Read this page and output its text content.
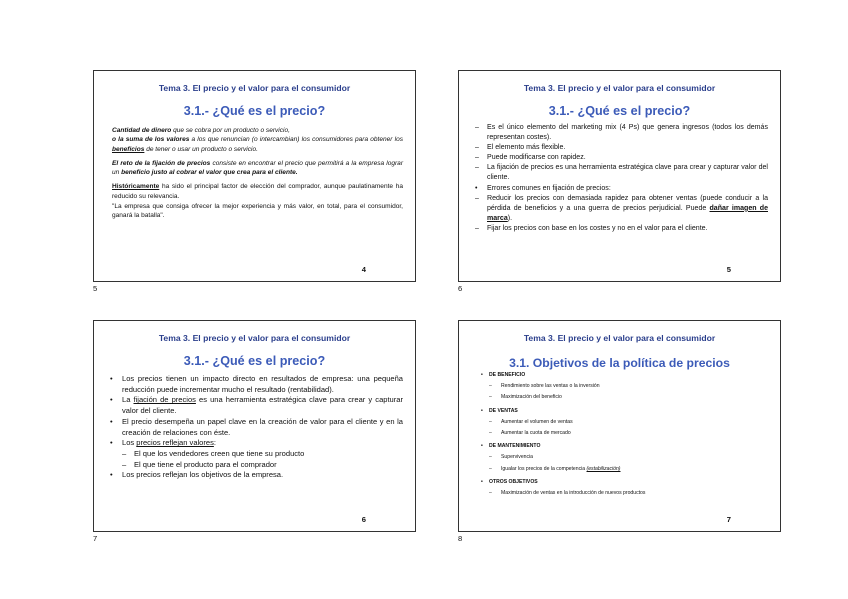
Tema 3. El precio y el valor para el consumidor
3.1.- ¿Qué es el precio?

Cantidad de dinero que se cobra por un producto o servicio,
o la suma de los valores a los que renuncian (o intercambian) los consumidores para obtener los beneficios de tener o usar un producto o servicio.

El reto de la fijación de precios consiste en encontrar el precio que permitirá a la empresa lograr un beneficio justo al cobrar el valor que crea para el cliente.

Históricamente ha sido el principal factor de elección del comprador, aunque paulatinamente ha reducido su relevancia.

"La empresa que consiga ofrecer la mejor experiencia y más valor, en total, para el consumidor, ganará la batalla".

4
Tema 3. El precio y el valor para el consumidor
3.1.- ¿Qué es el precio?
– Es el único elemento del marketing mix (4 Ps) que genera ingresos (todos los demás representan costes).
– El elemento más flexible.
– Puede modificarse con rapidez.
– La fijación de precios es una herramienta estratégica clave para crear y capturar valor del cliente.
• Errores comunes en fijación de precios:
– Reducir los precios con demasiada rapidez para obtener ventas (puede conducir a la pérdida de beneficios y a una guerra de precios perjudicial. Puede dañar imagen de marca).
– Fijar los precios con base en los costes y no en el valor para el cliente.
5
Tema 3. El precio y el valor para el consumidor
3.1.- ¿Qué es el precio?
• Los precios tienen un impacto directo en resultados de empresa: una pequeña reducción puede incrementar mucho el resultado (rentabilidad).
• La fijación de precios es una herramienta estratégica clave para crear y capturar valor del cliente.
• El precio desempeña un papel clave en la creación de valor para el cliente y en la creación de relaciones con éste.
• Los precios reflejan valores:
– El que los vendedores creen que tiene su producto
– El que tiene el producto para el comprador
• Los precios reflejan los objetivos de la empresa.
6
Tema 3. El precio y el valor para el consumidor
3.1. Objetivos de la política de precios
• DE BENEFICIO
– Rendimiento sobre las ventas o la inversión
– Maximización del beneficio
• DE VENTAS
– Aumentar el volumen de ventas
– Aumentar la cuota de mercado
• DE MANTENIMIENTO
– Supervivencia
– Igualar los precios de la competencia (estabilización)
• OTROS OBJETIVOS
– Maximización de ventas en la introducción de nuevos productos
7
5	6
7	8
